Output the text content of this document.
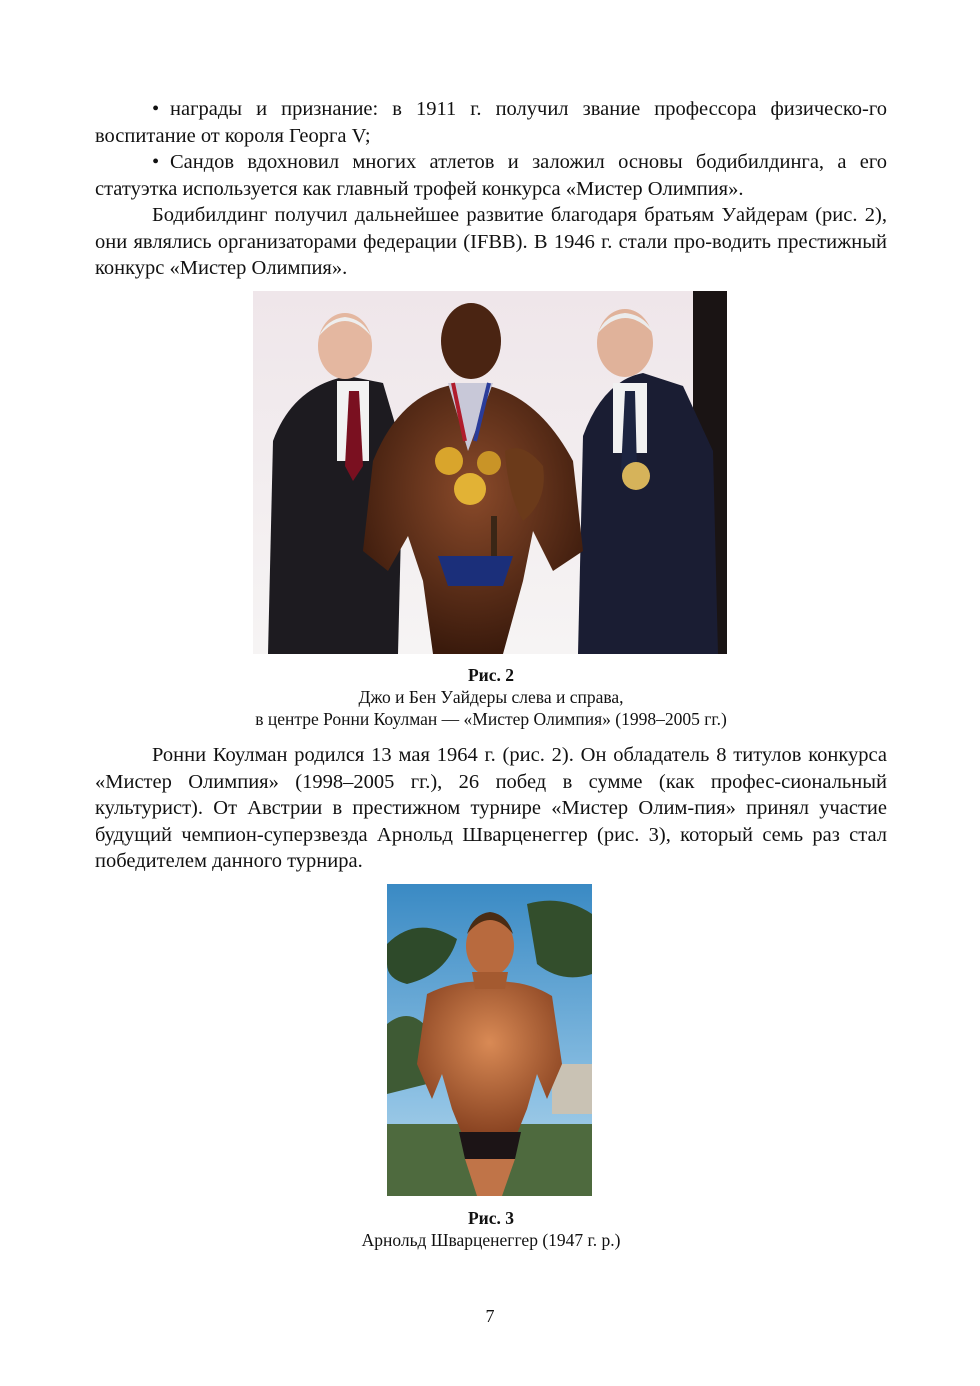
• награды и признание: в 1911 г. получил звание профессора физическо-го воспитание от короля Георга V;

• Сандов вдохновил многих атлетов и заложил основы бодибилдинга, а его статуэтка используется как главный трофей конкурса «Мистер Олимпия».

Бодибилдинг получил дальнейшее развитие благодаря братьям Уайдерам (рис. 2), они являлись организаторами федерации (IFBB). В 1946 г. стали про-водить престижный конкурс «Мистер Олимпия».

Рис. 2
Джо и Бен Уайдеры слева и справа,
в центре Ронни Коулман — «Мистер Олимпия» (1998–2005 гг.)

Ронни Коулман родился 13 мая 1964 г. (рис. 2). Он обладатель 8 титулов конкурса «Мистер Олимпия» (1998–2005 гг.), 26 побед в сумме (как профес-сиональный культурист). От Австрии в престижном турнире «Мистер Олим-пия» принял участие будущий чемпион-суперзвезда Арнольд Шварценеггер (рис. 3), который семь раз стал победителем данного турнира.

Рис. 3
Арнольд Шварценеггер (1947 г. р.)
7
